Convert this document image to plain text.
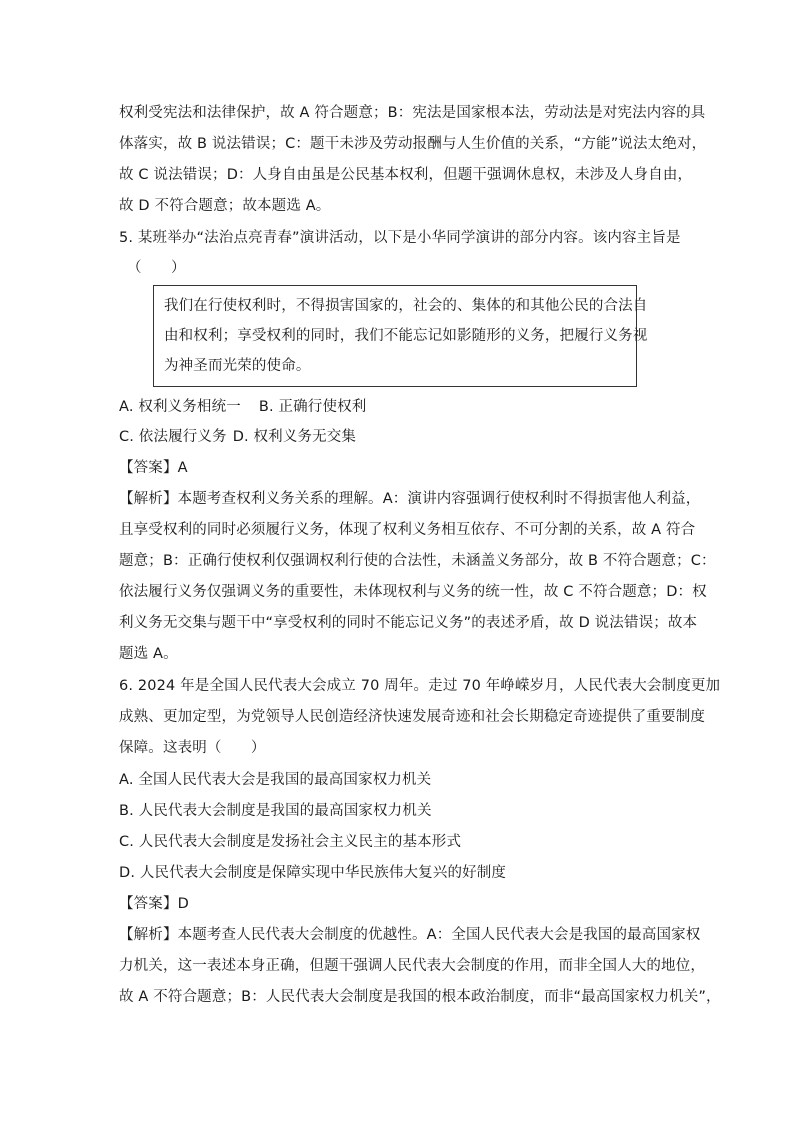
权利受宪法和法律保护，故 A 符合题意；B：宪法是国家根本法，劳动法是对宪法内容的具
体落实，故 B 说法错误；C：题干未涉及劳动报酬与人生价值的关系，“方能”说法太绝对，
故 C 说法错误；D：人身自由虽是公民基本权利，但题干强调休息权，未涉及人身自由，
故 D 不符合题意；故本题选 A。
5. 某班举办“法治点亮青春”演讲活动，以下是小华同学演讲的部分内容。该内容主旨是
（　　）
我们在行使权利时，不得损害国家的，社会的、集体的和其他公民的合法自
由和权利；享受权利的同时，我们不能忘记如影随形的义务，把履行义务视
为神圣而光荣的使命。
A. 权利义务相统一 B. 正确行使权利
C. 依法履行义务 D. 权利义务无交集
【答案】A
【解析】本题考查权利义务关系的理解。A：演讲内容强调行使权利时不得损害他人利益，
且享受权利的同时必须履行义务，体现了权利义务相互依存、不可分割的关系，故 A 符合
题意；B：正确行使权利仅强调权利行使的合法性，未涵盖义务部分，故 B 不符合题意；C：
依法履行义务仅强调义务的重要性，未体现权利与义务的统一性，故 C 不符合题意；D：权
利义务无交集与题干中“享受权利的同时不能忘记义务”的表述矛盾，故 D 说法错误；故本
题选 A。
6. 2024 年是全国人民代表大会成立 70 周年。走过 70 年峥嵘岁月，人民代表大会制度更加
成熟、更加定型，为党领导人民创造经济快速发展奇迹和社会长期稳定奇迹提供了重要制度
保障。这表明（　　）
A. 全国人民代表大会是我国的最高国家权力机关
B. 人民代表大会制度是我国的最高国家权力机关
C. 人民代表大会制度是发扬社会主义民主的基本形式
D. 人民代表大会制度是保障实现中华民族伟大复兴的好制度
【答案】D
【解析】本题考查人民代表大会制度的优越性。A：全国人民代表大会是我国的最高国家权
力机关，这一表述本身正确，但题干强调人民代表大会制度的作用，而非全国人大的地位，
故 A 不符合题意；B：人民代表大会制度是我国的根本政治制度，而非“最高国家权力机关”，
